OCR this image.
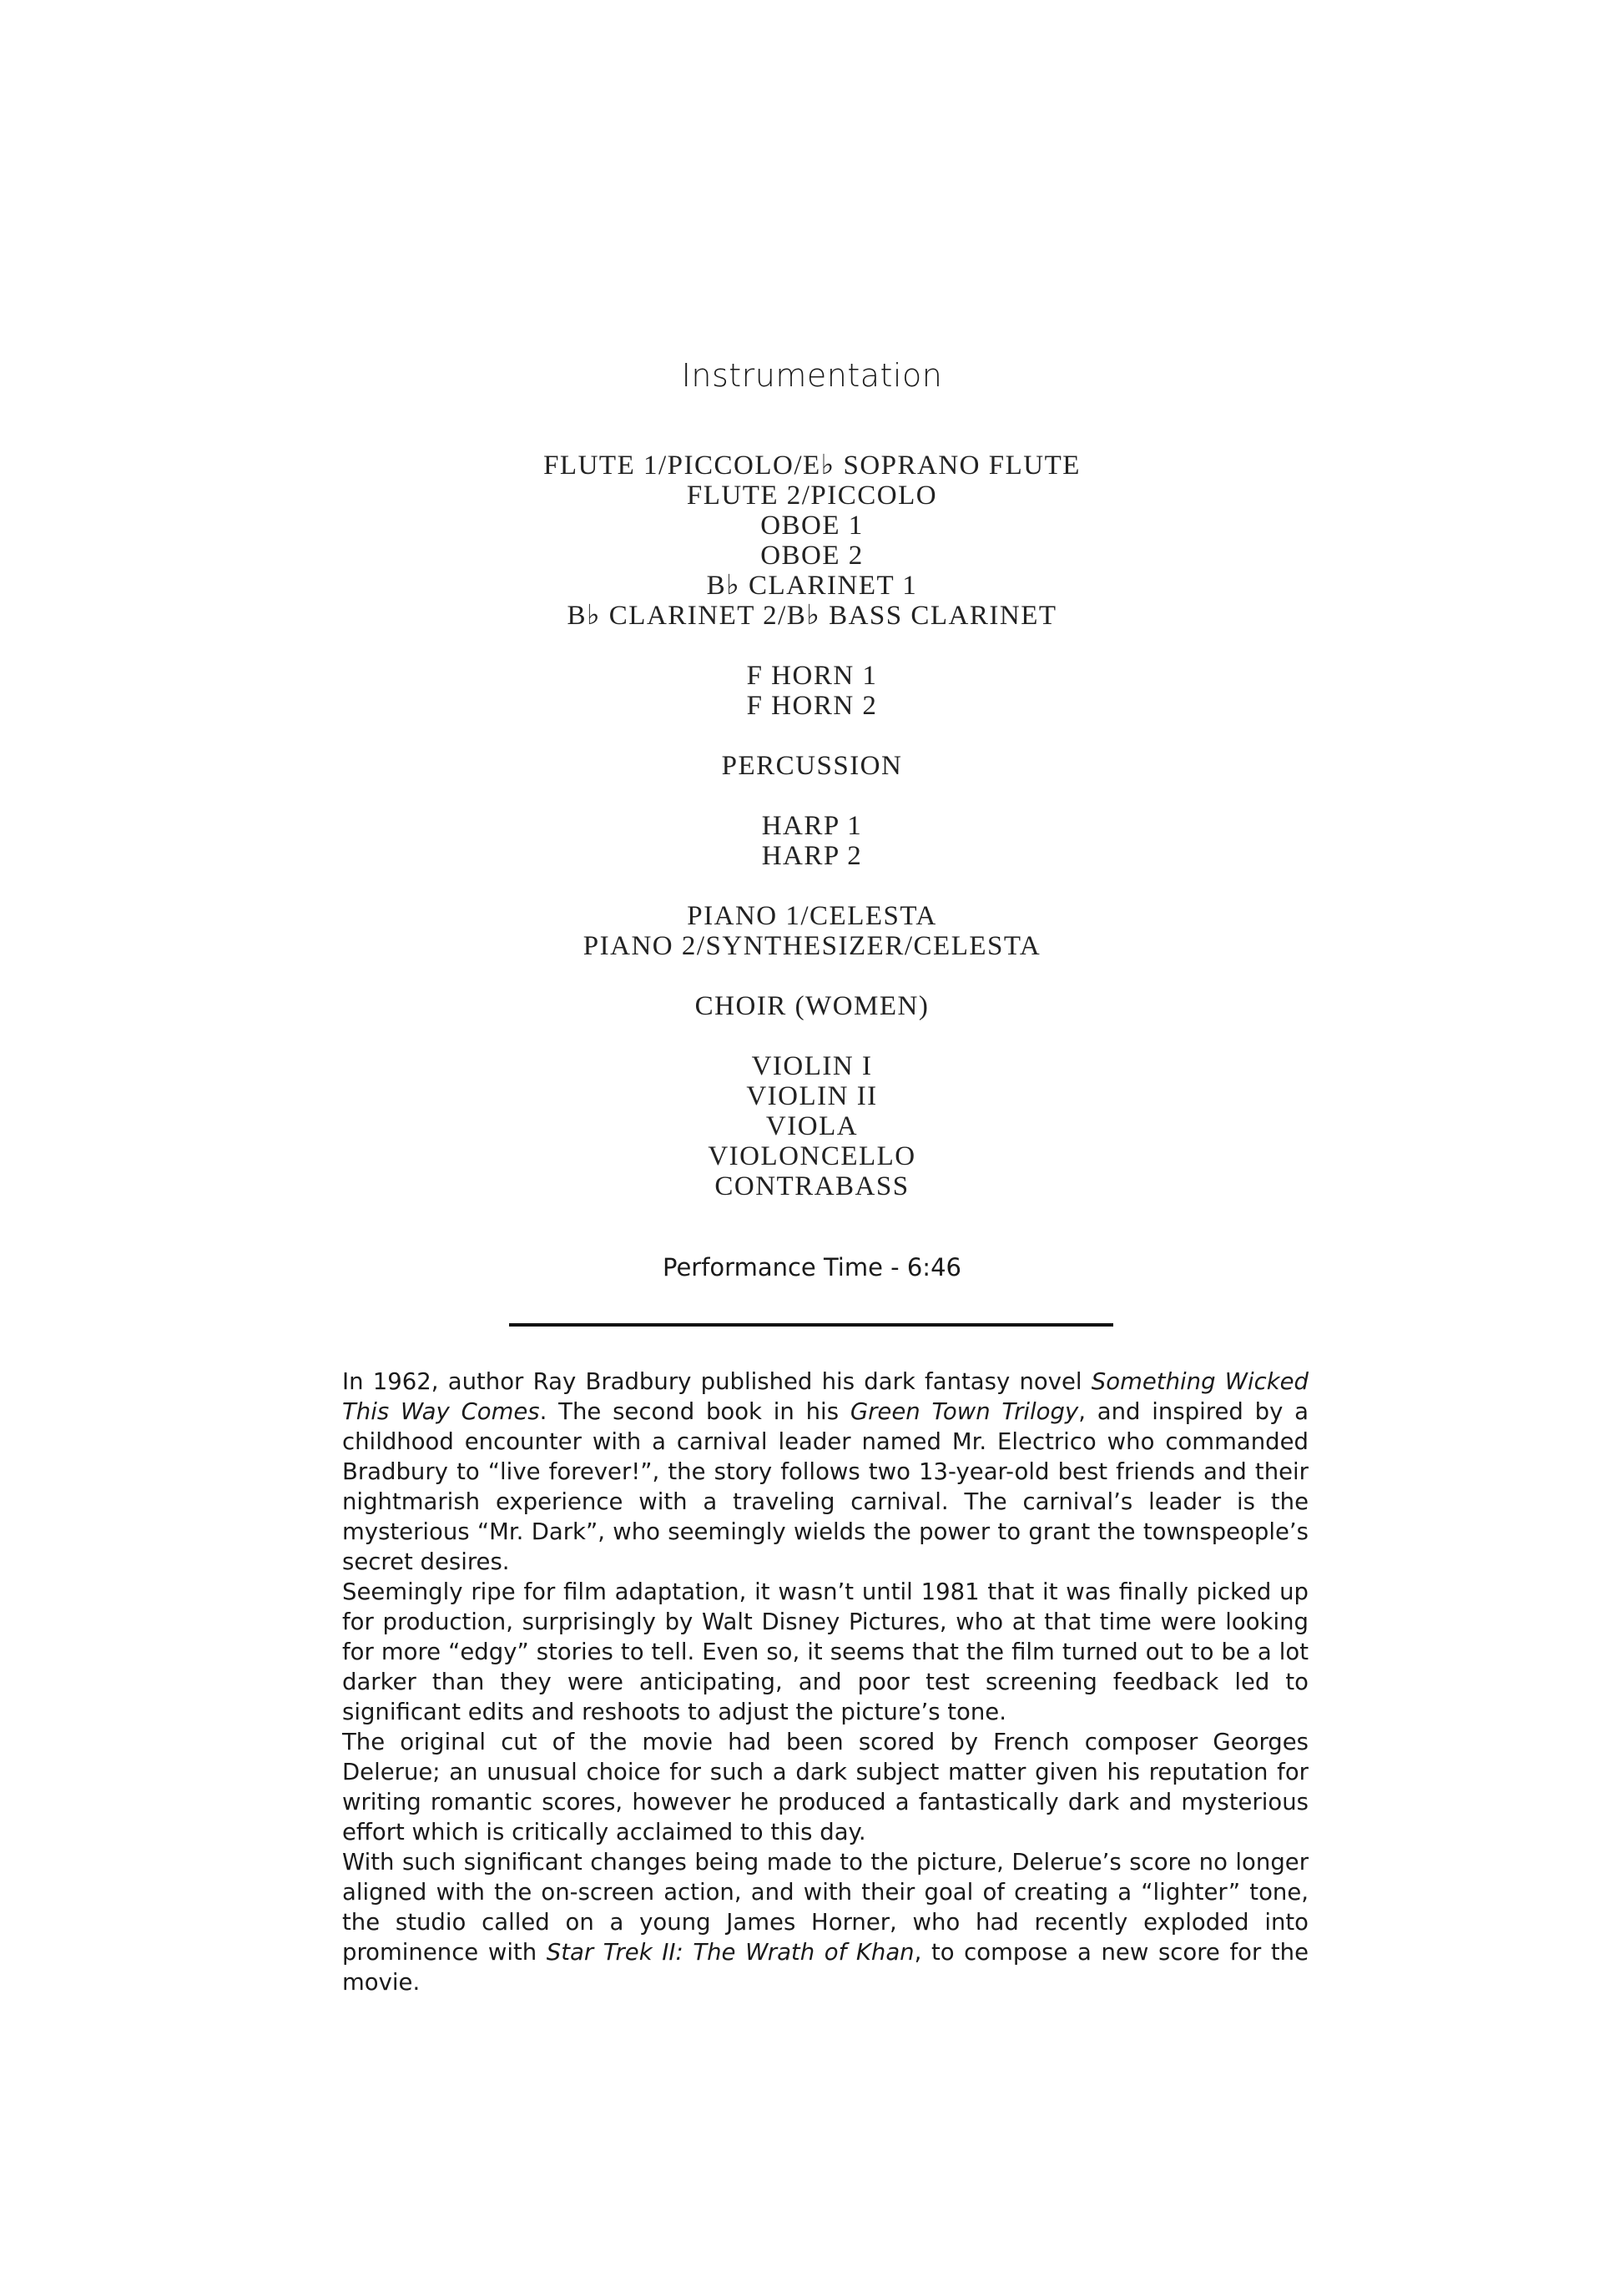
Instrumentation
FLUTE 1/PICCOLO/E♭ SOPRANO FLUTE
FLUTE 2/PICCOLO
OBOE 1
OBOE 2
B♭ CLARINET 1
B♭ CLARINET 2/B♭ BASS CLARINET
F HORN 1
F HORN 2
PERCUSSION
HARP 1
HARP 2
PIANO 1/CELESTA
PIANO 2/SYNTHESIZER/CELESTA
CHOIR (WOMEN)
VIOLIN I
VIOLIN II
VIOLA
VIOLONCELLO
CONTRABASS
Performance Time - 6:46

In 1962, author Ray Bradbury published his dark fantasy novel Something Wicked This Way Comes. The second book in his Green Town Trilogy, and inspired by a childhood encounter with a carnival leader named Mr. Electrico who commanded Bradbury to “live forever!”, the story follows two 13-year-old best friends and their nightmarish experience with a traveling carnival. The carnival’s leader is the mysterious “Mr. Dark”, who seemingly wields the power to grant the townspeople’s secret desires.

Seemingly ripe for film adaptation, it wasn’t until 1981 that it was finally picked up for production, surprisingly by Walt Disney Pictures, who at that time were looking for more “edgy” stories to tell. Even so, it seems that the film turned out to be a lot darker than they were anticipating, and poor test screening feedback led to significant edits and reshoots to adjust the picture’s tone.

The original cut of the movie had been scored by French composer Georges Delerue; an unusual choice for such a dark subject matter given his reputation for writing romantic scores, however he produced a fantastically dark and mysterious effort which is critically acclaimed to this day.

With such significant changes being made to the picture, Delerue’s score no longer aligned with the on-screen action, and with their goal of creating a “lighter” tone, the studio called on a young James Horner, who had recently exploded into prominence with Star Trek II: The Wrath of Khan, to compose a new score for the movie.
